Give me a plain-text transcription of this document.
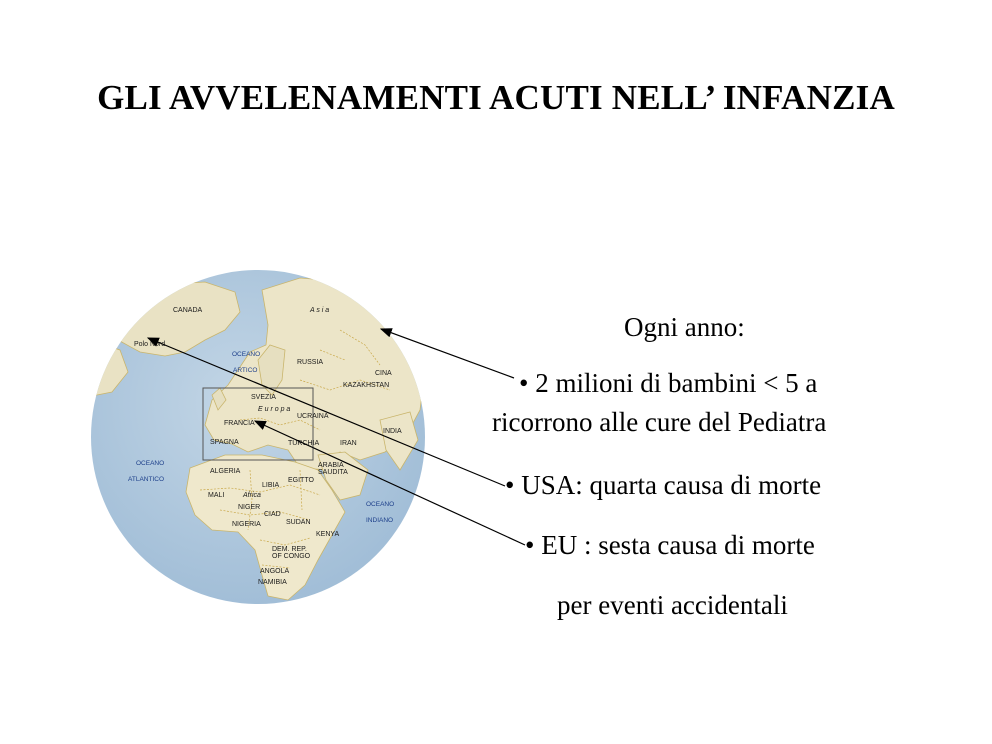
GLI AVVELENAMENTI ACUTI NELL’ INFANZIA
CANADA	A s i a
Polo Nord
OCEANO
ARTICO
RUSSIA
CINA
KAZAKHSTAN
SVEZIA
E u r o p a
UCRAINA
FRANCIA
INDIA
IRAN
SPAGNA	TURCHIA
OCEANO
ATLANTICO
ALGERIA
LIBIA
EGITTO
ARABIA
SAUDITA
Africa
MALI
NIGER
CIAD
NIGERIA	SUDAN
KENYA
OCEANO
INDIANO
DEM. REP.
OF CONGO
ANGOLA
NAMIBIA
Ogni anno:
• 2 milioni di bambini < 5 a
ricorrono alle cure del Pediatra
• USA: quarta causa di morte
• EU : sesta causa di morte
per eventi accidentali
